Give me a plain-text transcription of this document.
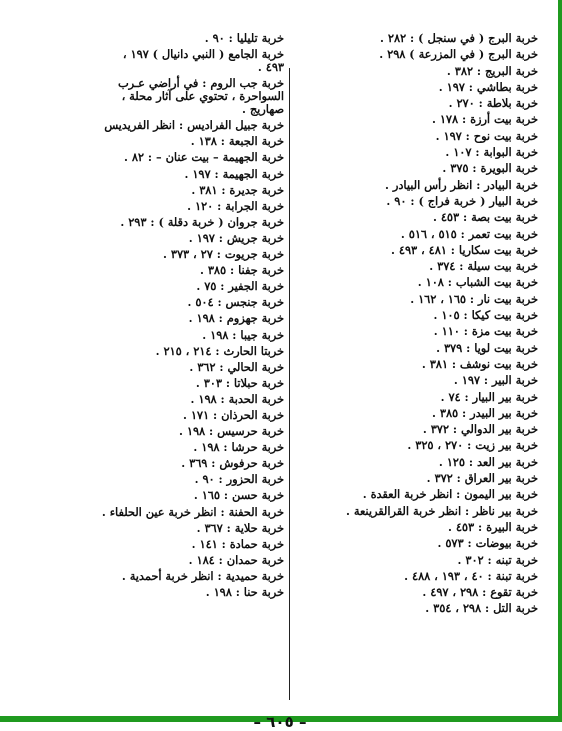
خربة البرج ( في سنجل ) : ٢٨٢ .

خربة البرج ( في المزرعة ) ٢٩٨ .

خربة البريج : ٣٨٢ .

خربة بطاشي : ١٩٧ .

خربة بلاطة : ٢٧٠ .

خربة بيت أرزة : ١٧٨ .

خربة بيت نوح : ١٩٧ .

خربة البوابة : ١٠٧ .

خربة البويرة : ٣٧٥ .

خربة البيادر : انظر رأس البيادر .

خربة البيار ( خربة فراج ) : ٩٠ .

خربة بيت بصة : ٤٥٣ .

خربة بيت تعمر : ٥١٥ ، ٥١٦ .

خربة بيت سكاريا : ٤٨١ ، ٤٩٣ .

خربة بيت سيلة : ٣٧٤ .

خربة بيت الشباب : ١٠٨ .

خربة بيت نار : ١٦٥ ، ١٦٢ .

خربة بيت كيكا : ١٠٥ .

خربة بيت مزة : ١١٠ .

خربة بيت لويا : ٣٧٩ .

خربة بيت نوشف : ٣٨١ .

خربة البير : ١٩٧ .

خربة بير البيار : ٧٤ .

خربة بير البيدر : ٣٨٥ .

خربة بير الدوالي : ٣٧٢ .

خربة بير زيت : ٢٧٠ ، ٣٢٥ .

خربة بير العد : ١٢٥ .

خربة بير العراق : ٣٧٢ .

خربة بير اليمون : انظر خربة العقدة .

خربة بير ناظر : انظر خربة القرالقرينعة .

خربة البيرة : ٤٥٣ .

خربة بيوضات : ٥٧٣ .

خربة تبنه : ٣٠٢ .

خربة تبنة : ٤٠ ، ١٩٣ ، ٤٨٨ .

خربة تقوع : ٢٩٨ ، ٤٩٧ .

خربة التل : ٢٩٨ ، ٣٥٤ .

خربة تليليا : ٩٠ .

خربة الجامع ( النبي دانيال ) ١٩٧ ،
٤٩٣ .

خربة جب الروم : في أراضي عـرب
السواحرة ، تحتوي على آثار محلة ،
صهاريج .

خربة جبيل الفراديس : انظر الفريديس

خربة الجبعة : ١٣٨ .

خربة الجهيمة – بيت عنان – : ٨٢ .

خربة الجهيمة : ١٩٧ .

خربة جديرة : ٣٨١ .

خربة الجرابة : ١٢٠ .

خربة جروان ( خربة دقلة ) : ٢٩٣ .

خربة جريش : ١٩٧ .

خربة جريوت : ٢٧ ، ٣٧٣ .

خربة جفنا : ٣٨٥ .

خربة الجفير : ٧٥ .

خربة جنجس : ٥٠٤ .

خربة جهزوم : ١٩٨ .

خربة جيبا : ١٩٨ .

خربتا الحارث : ٢١٤ ، ٢١٥ .

خربة الحالي : ٣٦٢ .

خربة حبلاتا : ٣٠٣ .

خربة الحدبة : ١٩٨ .

خربة الحرذان : ١٧١ .

خربة حرسيس : ١٩٨ .

خربة حرشا : ١٩٨ .

خربة حرفوش : ٣٦٩ .

خربة الحزور : ٩٠ .

خربة حسن : ١٦٥ .

خربة الحفنة : انظر خربة عين الحلفاء .

خربة حلاية : ٣٦٧ .

خربة حمادة : ١٤١ .

خربة حمدان : ١٨٤ .

خربة حميدية : انظر خربة أحمدية .

خربة حنا : ١٩٨ .

– ٦٠٥ –
